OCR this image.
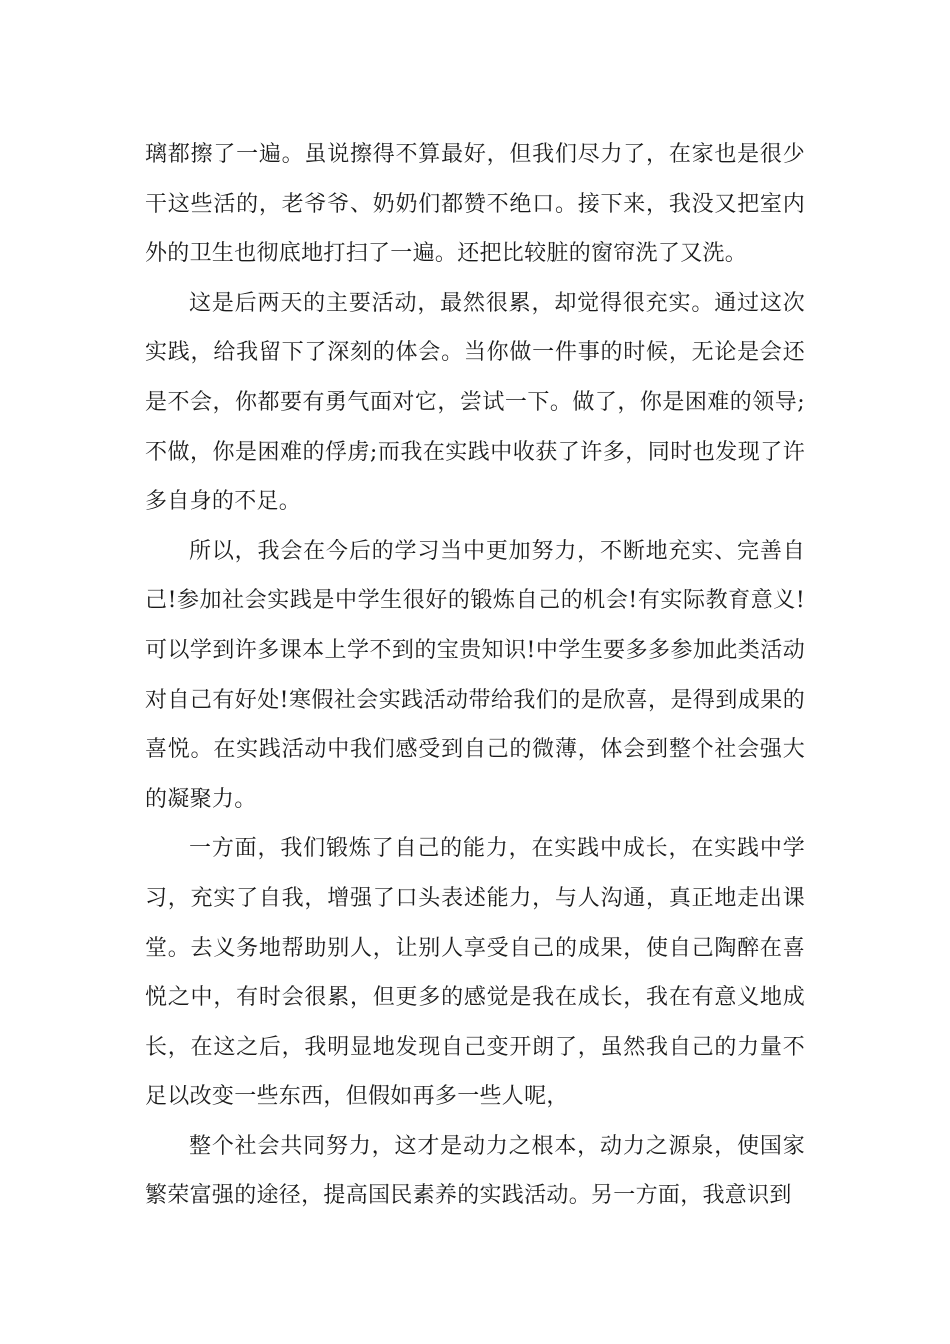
璃都擦了一遍。虽说擦得不算最好，但我们尽力了，在家也是很少干这些活的，老爷爷、奶奶们都赞不绝口。接下来，我没又把室内外的卫生也彻底地打扫了一遍。还把比较脏的窗帘洗了又洗。

这是后两天的主要活动，最然很累，却觉得很充实。通过这次实践，给我留下了深刻的体会。当你做一件事的时候，无论是会还是不会，你都要有勇气面对它，尝试一下。做了，你是困难的领导;不做，你是困难的俘虏;而我在实践中收获了许多，同时也发现了许多自身的不足。

所以，我会在今后的学习当中更加努力，不断地充实、完善自己!参加社会实践是中学生很好的锻炼自己的机会!有实际教育意义!可以学到许多课本上学不到的宝贵知识!中学生要多多参加此类活动对自己有好处!寒假社会实践活动带给我们的是欣喜，是得到成果的喜悦。在实践活动中我们感受到自己的微薄，体会到整个社会强大的凝聚力。

一方面，我们锻炼了自己的能力，在实践中成长，在实践中学习，充实了自我，增强了口头表述能力，与人沟通，真正地走出课堂。去义务地帮助别人，让别人享受自己的成果，使自己陶醉在喜悦之中，有时会很累，但更多的感觉是我在成长，我在有意义地成长，在这之后，我明显地发现自己变开朗了，虽然我自己的力量不足以改变一些东西，但假如再多一些人呢，

整个社会共同努力，这才是动力之根本，动力之源泉，使国家繁荣富强的途径，提高国民素养的实践活动。另一方面，我意识到
